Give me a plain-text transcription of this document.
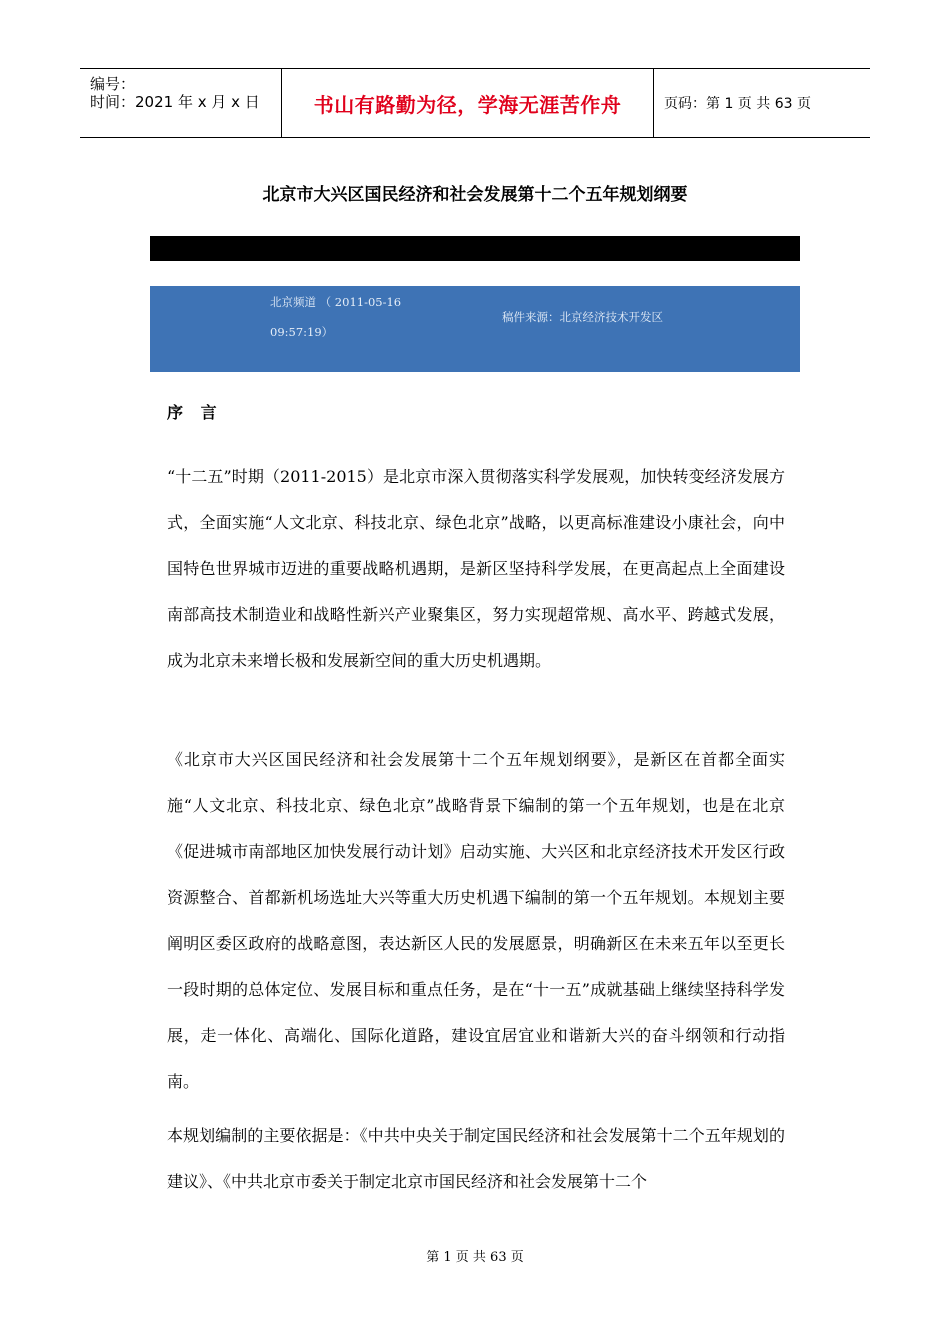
编号：
时间：2021 年 x 月 x 日	书山有路勤为径，学海无涯苦作舟	页码：第 1 页 共 63 页
北京市大兴区国民经济和社会发展第十二个五年规划纲要
北京频道 （ 2011-05-16
09:57:19）
稿件来源：北京经济技术开发区
序 言

“十二五”时期（2011-2015）是北京市深入贯彻落实科学发展观，加快转变经济发展方式，全面实施“人文北京、科技北京、绿色北京”战略，以更高标准建设小康社会，向中国特色世界城市迈进的重要战略机遇期，是新区坚持科学发展，在更高起点上全面建设南部高技术制造业和战略性新兴产业聚集区，努力实现超常规、高水平、跨越式发展，成为北京未来增长极和发展新空间的重大历史机遇期。

《北京市大兴区国民经济和社会发展第十二个五年规划纲要》，是新区在首都全面实施“人文北京、科技北京、绿色北京”战略背景下编制的第一个五年规划，也是在北京《促进城市南部地区加快发展行动计划》启动实施、大兴区和北京经济技术开发区行政资源整合、首都新机场选址大兴等重大历史机遇下编制的第一个五年规划。本规划主要阐明区委区政府的战略意图，表达新区人民的发展愿景，明确新区在未来五年以至更长一段时期的总体定位、发展目标和重点任务，是在“十一五”成就基础上继续坚持科学发展，走一体化、高端化、国际化道路，建设宜居宜业和谐新大兴的奋斗纲领和行动指南。

本规划编制的主要依据是：《中共中央关于制定国民经济和社会发展第十二个五年规划的建议》、《中共北京市委关于制定北京市国民经济和社会发展第十二个

第 1 页 共 63 页
